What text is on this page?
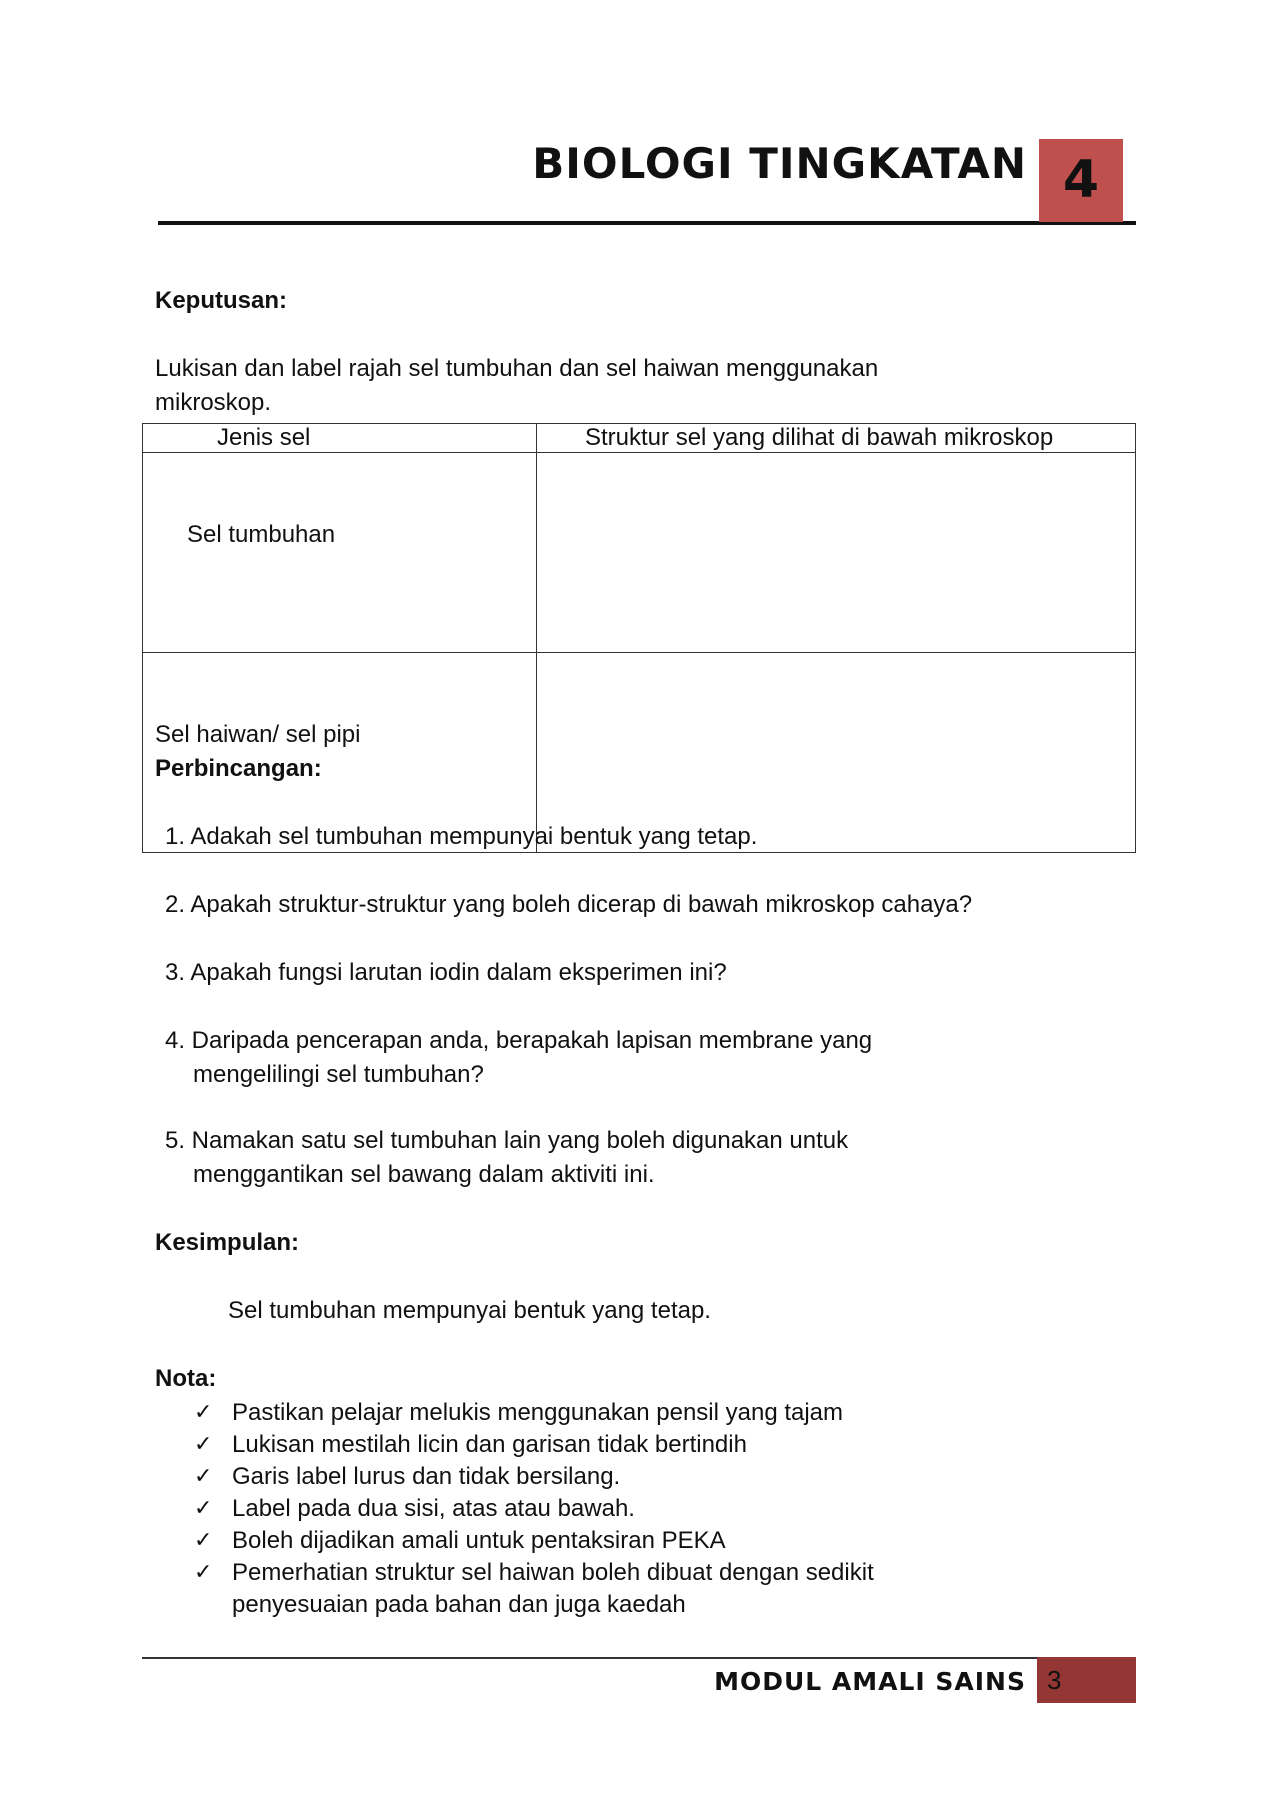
BIOLOGI TINGKATAN 4
Keputusan:
Lukisan dan label rajah sel tumbuhan dan sel haiwan menggunakan
mikroskop.
Jenis sel	Struktur sel yang dilihat di bawah mikroskop
Sel tumbuhan	
Sel haiwan/ sel pipi	
Perbincangan:
1. Adakah sel tumbuhan mempunyai bentuk yang tetap.
2. Apakah struktur-struktur yang boleh dicerap di bawah mikroskop cahaya?
3. Apakah fungsi larutan iodin dalam eksperimen ini?
4. Daripada pencerapan anda, berapakah lapisan membrane yang
mengelilingi sel tumbuhan?
5. Namakan satu sel tumbuhan lain yang boleh digunakan untuk
menggantikan sel bawang dalam aktiviti ini.
Kesimpulan:
Sel tumbuhan mempunyai bentuk yang tetap.
Nota:
✓ Pastikan pelajar melukis menggunakan pensil yang tajam
✓ Lukisan mestilah licin dan garisan tidak bertindih
✓ Garis label lurus dan tidak bersilang.
✓ Label pada dua sisi, atas atau bawah.
✓ Boleh dijadikan amali untuk pentaksiran PEKA
✓ Pemerhatian struktur sel haiwan boleh dibuat dengan sedikit
penyesuaian pada bahan dan juga kaedah
MODUL AMALI SAINS 3
